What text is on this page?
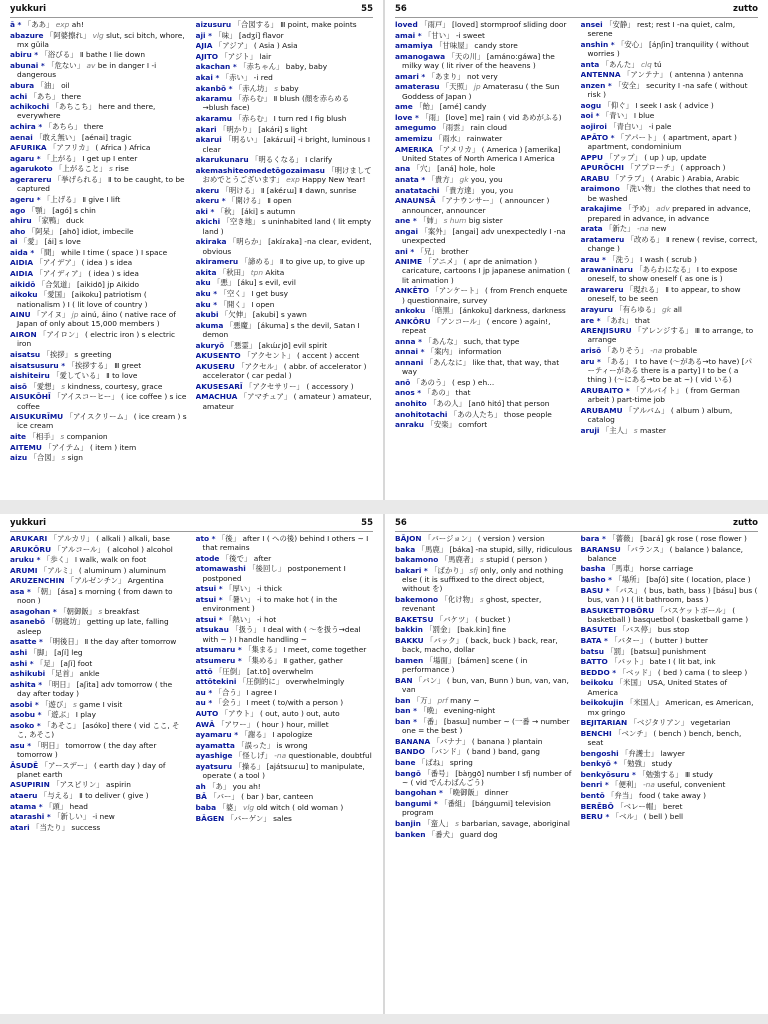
yukkuri	55
ā * 「ああ」 exp ah!
abazure 「阿婆擦れ」 vlg slut, sci bitch, whore, mx güila
abiru * 「浴びる」 Ⅱ bathe I lie down
abunai * 「危ない」 av be in danger I -i dangerous
abura 「油」 oil
achi 「あち」 there
achikochi 「あちこち」 here and there, everywhere
achira * 「あちら」 there
aenai 「敢え無い」 [aénai] tragic
AFURIKA 「アフリカ」 ( Africa ) Africa
agaru * 「上がる」 I get up I enter
agarukoto 「上がること」 s rise
agerareru 「挙げられる」 Ⅱ to be caught, to be captured
ageru * 「上げる」 Ⅱ give I lift
ago 「顎」 [agó] s chin
ahiru 「家鴨」 duck
aho 「阿呆」 [ahō] idiot, imbecile
ai 「愛」 [ái] s love
aida * 「間」 while I time ( space ) I space
AIDIA 「アイデア」 ( idea ) s idea
AIDIA 「アイディア」 ( idea ) s idea
aikidō 「合気道」 [aikidō] jp Aikido
aikoku 「愛国」 [aikoku] patriotism ( nationalism ) I ( lit love of country )
AINU 「アイヌ」 jp ainú, áino ( native race of Japan of only about 15,000 members )
AIRON 「アイロン」 ( electric iron ) s electric iron
aisatsu 「挨拶」 s greeting
aisatsusuru * 「挨拶する」 Ⅲ greet
aishiteiru 「愛している」 Ⅱ to love
aisō 「愛想」 s kindness, courtesy, grace
AISUKŌHĪ 「アイスコーヒー」 ( ice coffee ) s ice coffee
AISUKURĪMU 「アイスクリーム」 ( ice cream ) s ice cream
aite 「相手」 s companion
AITEMU 「アイテム」 ( item ) item
aizu 「合図」 s sign
aizusuru 「合図する」 Ⅲ point, make points
aji * 「味」 [adʒí] flavor
AJIA 「アジア」 ( Asia ) Asia
AJITO 「アジト」 lair
akachan * 「赤ちゃん」 baby, baby
akai * 「赤い」 -i red
akanbō * 「赤ん坊」 s baby
akaramu 「赤らむ」 Ⅱ blush (顔を赤らめる→blush face)
akaramu 「赤らむ」 I turn red I fig blush
akari 「明かり」 [akárɨ] s light
akarui 「明るい」 [akáɾɯi] -i bright, luminous I clear
akarukunaru 「明るくなる」 I clarify
akemashiteomedetōgozaimasu 「明けましておめでとうございます」 exp Happy New Year!
akeru 「明ける」 Ⅱ [akéɾɯ] Ⅱ dawn, sunrise
akeru * 「開ける」 Ⅱ open
aki * 「秋」 [áki] s autumn
akichi 「空き地」 s uninhabited land ( lit empty land )
akiraka 「明らか」 [akíɾaka] -na clear, evident, obvious
akirameru 「諦める」 Ⅱ to give up, to give up
akita 「秋田」 tpn Akita
aku 「悪」 [áku] s evil, evil
aku * 「空く」 I get busy
aku * 「開く」 I open
akubi 「欠伸」 [akubi] s yawn
akuma 「悪魔」 [ákuma] s the devil, Satan I demon
akuryō 「悪霊」 [akɯ́ɾjō] evil spirit
AKUSENTO 「アクセント」 ( accent ) accent
AKUSERU 「アクセル」 ( abbr. of accelerator ) accelerator ( car pedal )
AKUSESARĪ 「アクセサリー」 ( accessory )
AMACHUA 「アマチュア」 ( amateur ) amateur, amateur
56	zutto
loved 「雨戸」 [loved] stormproof sliding door
amai * 「甘い」 -i sweet
amamiya 「甘味屋」 candy store
amanogawa 「天の川」 [amáno:gáwa] the milky way ( lit river of the heavens )
amari * 「あまり」 not very
amaterasu 「天照」 jp Amaterasu ( the Sun Goddess of Japan )
ame 「飴」 [amé] candy
love * 「雨」 [love] me] rain ( vid あめがふる)
amegumo 「雨雲」 rain cloud
amemizu 「雨水」 rainwater
AMERIKA 「アメリカ」 ( America ) [amerika] United States of North America I America
ana 「穴」 [aná] hole, hole
anata * 「貴方」 gk you, you
anatatachi 「貴方達」 you, you
ANAUNSĀ 「アナウンサー」 ( announcer ) announcer, announcer
ane * 「姉」 s hum big sister
angai 「案外」 [angai] adv unexpectedly I -na unexpected
ani * 「兄」 brother
ANIME 「アニメ」 ( apr de animation ) caricature, cartoons I jp japanese animation ( lit animation )
ANKĒTO 「アンケート」 ( from French enquete ) questionnaire, survey
ankoku 「暗黒」 [ánkoku] darkness, darkness
ANKŌRU 「アンコール」 ( encore ) again!, repeat
anna * 「あんな」 such, that type
annai * 「案内」 information
annani 「あんなに」 like that, that way, that way
anō 「あのう」 ( esp ) eh...
anos * 「あの」 that
anohito 「あの人」 [anō hitó] that person
anohitotachi 「あの人たち」 those people
anraku 「安楽」 comfort
ansei 「安静」 rest; rest I -na quiet, calm, serene
anshin * 「安心」 [áɲʃin] tranquility ( without worries )
anta 「あんた」 clq tú
ANTENNA 「アンテナ」 ( antenna ) antenna
anzen * 「安全」 security I -na safe ( without risk )
aogu 「仰ぐ」 I seek I ask ( advice )
aoi * 「青い」 I blue
aojiroi 「青白い」 -i pale
APĀTO * 「アパート」 ( apartment, apart ) apartment, condominium
APPU 「アップ」 ( up ) up, update
APURŌCHI 「アプローチ」 ( approach )
ARABU 「アラブ」 ( Arabic ) Arabia, Arabic
araimono 「洗い物」 the clothes that need to be washed
arakajime 「予め」 adv prepared in advance, prepared in advance, in advance
arata 「新た」 -na new
aratameru 「改める」 Ⅱ renew ( revise, correct, change )
arau * 「洗う」 I wash ( scrub )
arawaninaru 「あらわになる」 I to expose oneself, to show oneself ( as one is )
arawareru 「現れる」 Ⅱ to appear, to show oneself, to be seen
arayuru 「有らゆる」 gk all
are * 「あれ」 that
ARENJISURU 「アレンジする」 Ⅲ to arrange, to arrange
arisō 「ありそう」 -na probable
aru * 「ある」 I to have (〜がある→to have) [パーティーがある there is a party] I to be ( a thing ) (〜にある→to be at ~) ( vid いる)
ARUBAITO * 「アルバイト」 ( from German arbeit ) part-time job
ARUBAMU 「アルバム」 ( album ) album, catalog
aruji 「主人」 s master
yukkuri	55
ARUKARI 「アルカリ」 ( alkali ) alkali, base
ARUKŌRU 「アルコール」 ( alcohol ) alcohol
aruku * 「歩く」 I walk, walk on foot
ARUMI 「アルミ」 ( aluminum ) aluminum
ARUZENCHIN 「アルゼンチン」 Argentina
asa * 「朝」 [ása] s morning ( from dawn to noon )
asagohan * 「朝御飯」 s breakfast
asanebō 「朝寝坊」 getting up late, falling asleep
asatte * 「明後日」 Ⅱ the day after tomorrow
ashi 「脚」 [aʃí] leg
ashi * 「足」 [aʃí] foot
ashikubi 「足首」 ankle
ashita * 「明日」 [aʃita] adv tomorrow ( the day after today )
asobi * 「遊び」 s game I visit
asobu * 「遊ぶ」 I play
asoko * 「あそこ」 [asóko] there ( vid ここ, そこ, あそこ)
asu * 「明日」 tomorrow ( the day after tomorrow )
ĀSUDĒ 「アースデー」 ( earth day ) day of planet earth
ASUPIRIN 「アスピリン」 aspirin
ataeru 「与える」 Ⅱ to deliver ( give )
atama * 「頭」 head
atarashi * 「新しい」 -i new
atari 「当たり」 success
ato * 「後」 after I ( への後) behind I others ~ I that remains
atode 「後で」 after
atomawashi 「後回し」 postponement I postponed
atsui * 「厚い」 -i thick
atsui * 「暑い」 -i to make hot ( in the environment )
atsui * 「熱い」 -i hot
atsukau 「扱う」 I deal with ( 〜を扱う→deal with ~ ) I handle handling ~
atsumaru * 「集まる」 I meet, come together
atsumeru * 「集める」 Ⅱ gather, gather
attō 「圧倒」 [at.tō] overwhelm
attōtekini 「圧倒的に」 overwhelmingly
au * 「合う」 I agree I
au * 「会う」 I meet ( to/with a person )
AUTO 「アウト」 ( out, auto ) out, auto
AWĀ 「アワー」 ( hour ) hour, millet
ayamaru * 「謝る」 I apologize
ayamatta 「誤った」 is wrong
ayashige 「怪しげ」 -na questionable, doubtful
ayatsuru 「操る」 [ajátsɯɾɯ] to manipulate, operate ( a tool )
ah 「あ」 you ah!
BĀ 「バー」 ( bar ) bar, canteen
baba 「婆」 vlg old witch ( old woman )
BĀGEN 「バーゲン」 sales
56	zutto
BĀJON 「バージョン」 ( version ) version
baka 「馬鹿」 [báka] -na stupid, silly, ridiculous
bakamono 「馬鹿者」 s stupid ( person )
bakari * 「ばかり」 sfj only, only and nothing else ( it is suffixed to the direct object, without を)
bakemono 「化け物」 s ghost, specter, revenant
BAKETSU 「バケツ」 ( bucket )
bakkin 「罰金」 [bak.kin] fine
BAKKU 「バック」 ( back, buck ) back, rear, back, macho, dollar
bamen 「場面」 [bámen] scene ( in performance )
BAN 「バン」 ( bun, van, Bunn ) bun, van, van, van
ban 「万」 prf many ~
ban * 「晩」 evening-night
ban * 「番」 [basɯ] number ~ (一番 → number one = the best )
BANANA 「バナナ」 ( banana ) plantain
BANDO 「バンド」 ( band ) band, gang
bane 「ばね」 spring
bangō 「番号」 [bàŋgō] number I sfj number of ~ ( vid でんわばんごう)
bangohan * 「晩御飯」 dinner
bangumi * 「番組」 [báŋgɯmi] television program
banjin 「蛮人」 s barbarian, savage, aboriginal
banken 「番犬」 guard dog
bara * 「薔薇」 [baɾá] gk rose ( rose flower )
BARANSU 「バランス」 ( balance ) balance, balance
basha 「馬車」 horse carriage
basho * 「場所」 [baʃó] site ( location, place )
BASU * 「バス」 ( bus, bath, bass ) [básu] bus ( bus, van ) I ( lit bathroom, bass )
BASUKETTOBŌRU 「バスケットボール」 ( basketball ) basquetbol ( basketball game )
BASUTEI 「バス停」 bus stop
BATA * 「バター」 ( butter ) butter
batsu 「罰」 [batsɯ] punishment
BATTO 「バット」 bate I ( lit bat, ink
BEDDO * 「ベッド」 ( bed ) cama ( to sleep )
beikoku 「米国」 USA, United States of America
beikokujin 「米国人」 American, es American, mx gringo
BEJITARIAN 「ベジタリアン」 vegetarian
BENCHI 「ベンチ」 ( bench ) bench, bench, seat
bengoshi 「弁護士」 lawyer
benkyō * 「勉強」 study
benkyōsuru * 「勉強する」 Ⅲ study
benri * 「便利」 -na useful, convenient
bentō 「弁当」 food ( take away )
BERĒBŌ 「ベレー帽」 beret
BERU * 「ベル」 ( bell ) bell
